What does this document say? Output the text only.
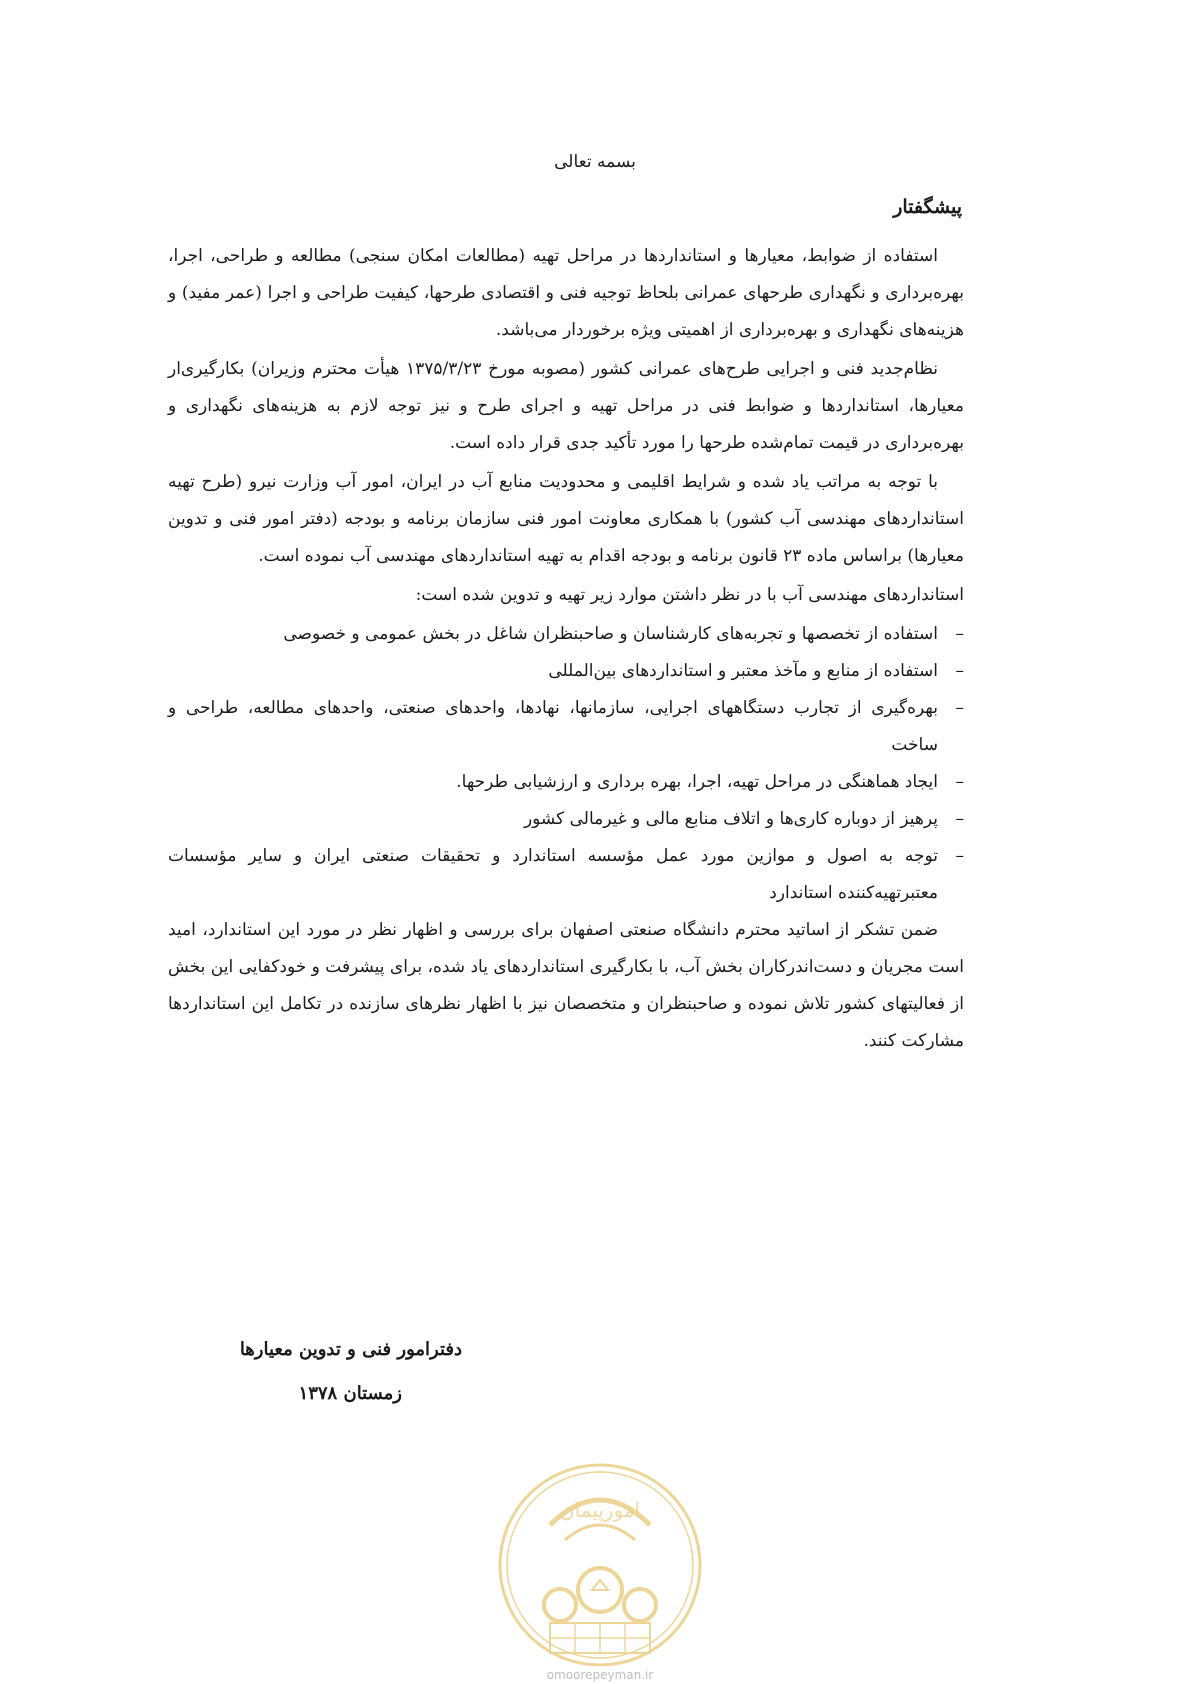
بسمه تعالی
پیشگفتار

استفاده از ضوابط، معیارها و استانداردها در مراحل تهیه (مطالعات امکان سنجی) مطالعه و طراحی، اجرا، بهره‌برداری و نگهداری طرحهای عمرانی بلحاظ توجیه فنی و اقتصادی طرحها، کیفیت طراحی و اجرا (عمر مفید) و هزینه‌های نگهداری و بهره‌برداری از اهمیتی ویژه برخوردار می‌باشد.

نظام‌جدید فنی و اجرایی طرح‌های عمرانی کشور (مصوبه مورخ ۱۳۷۵/۳/۲۳ هیأت محترم وزیران) بکارگیری‌ار معیارها، استانداردها و ضوابط فنی در مراحل تهیه و اجرای طرح و نیز توجه لازم به هزینه‌های نگهداری و بهره‌برداری در قیمت تمام‌شده طرحها را مورد تأکید جدی قرار داده است.

با توجه به مراتب یاد شده و شرایط اقلیمی و محدودیت منابع آب در ایران، امور آب وزارت نیرو (طرح تهیه استانداردهای مهندسی آب کشور) با همکاری معاونت امور فنی سازمان برنامه و بودجه (دفتر امور فنی و تدوین معیارها) براساس ماده ۲۳ قانون برنامه و بودجه اقدام به تهیه استانداردهای مهندسی آب نموده است.

استانداردهای مهندسی آب با در نظر داشتن موارد زیر تهیه و تدوین شده است:

–
استفاده از تخصصها و تجربه‌های کارشناسان و صاحبنظران شاغل در بخش عمومی و خصوصی
–
استفاده از منابع و مآخذ معتبر و استانداردهای بین‌المللی
–
بهره‌گیری از تجارب دستگاههای اجرایی، سازمانها، نهادها، واحدهای صنعتی، واحدهای مطالعه، طراحی و ساخت
–
ایجاد هماهنگی در مراحل تهیه، اجرا، بهره برداری و ارزشیابی طرحها.
–
پرهیز از دوباره کاری‌ها و اتلاف منابع مالی و غیرمالی کشور
–
توجه به اصول و موازین مورد عمل مؤسسه استاندارد و تحقیقات صنعتی ایران و سایر مؤسسات معتبرتهیه‌کننده استاندارد

ضمن تشکر از اساتید محترم دانشگاه صنعتی اصفهان برای بررسی و اظهار نظر در مورد این استاندارد، امید است مجریان و دست‌اندرکاران بخش آب، با بکارگیری استانداردهای یاد شده، برای پیشرفت و خودکفایی این بخش از فعالیتهای کشور تلاش نموده و صاحبنظران و متخصصان نیز با اظهار نظرهای سازنده در تکامل این استانداردها مشارکت کنند.

دفترامور فنی و تدوین معیارها
زمستان ۱۳۷۸
امورپیمان
omoorepeyman.ir
